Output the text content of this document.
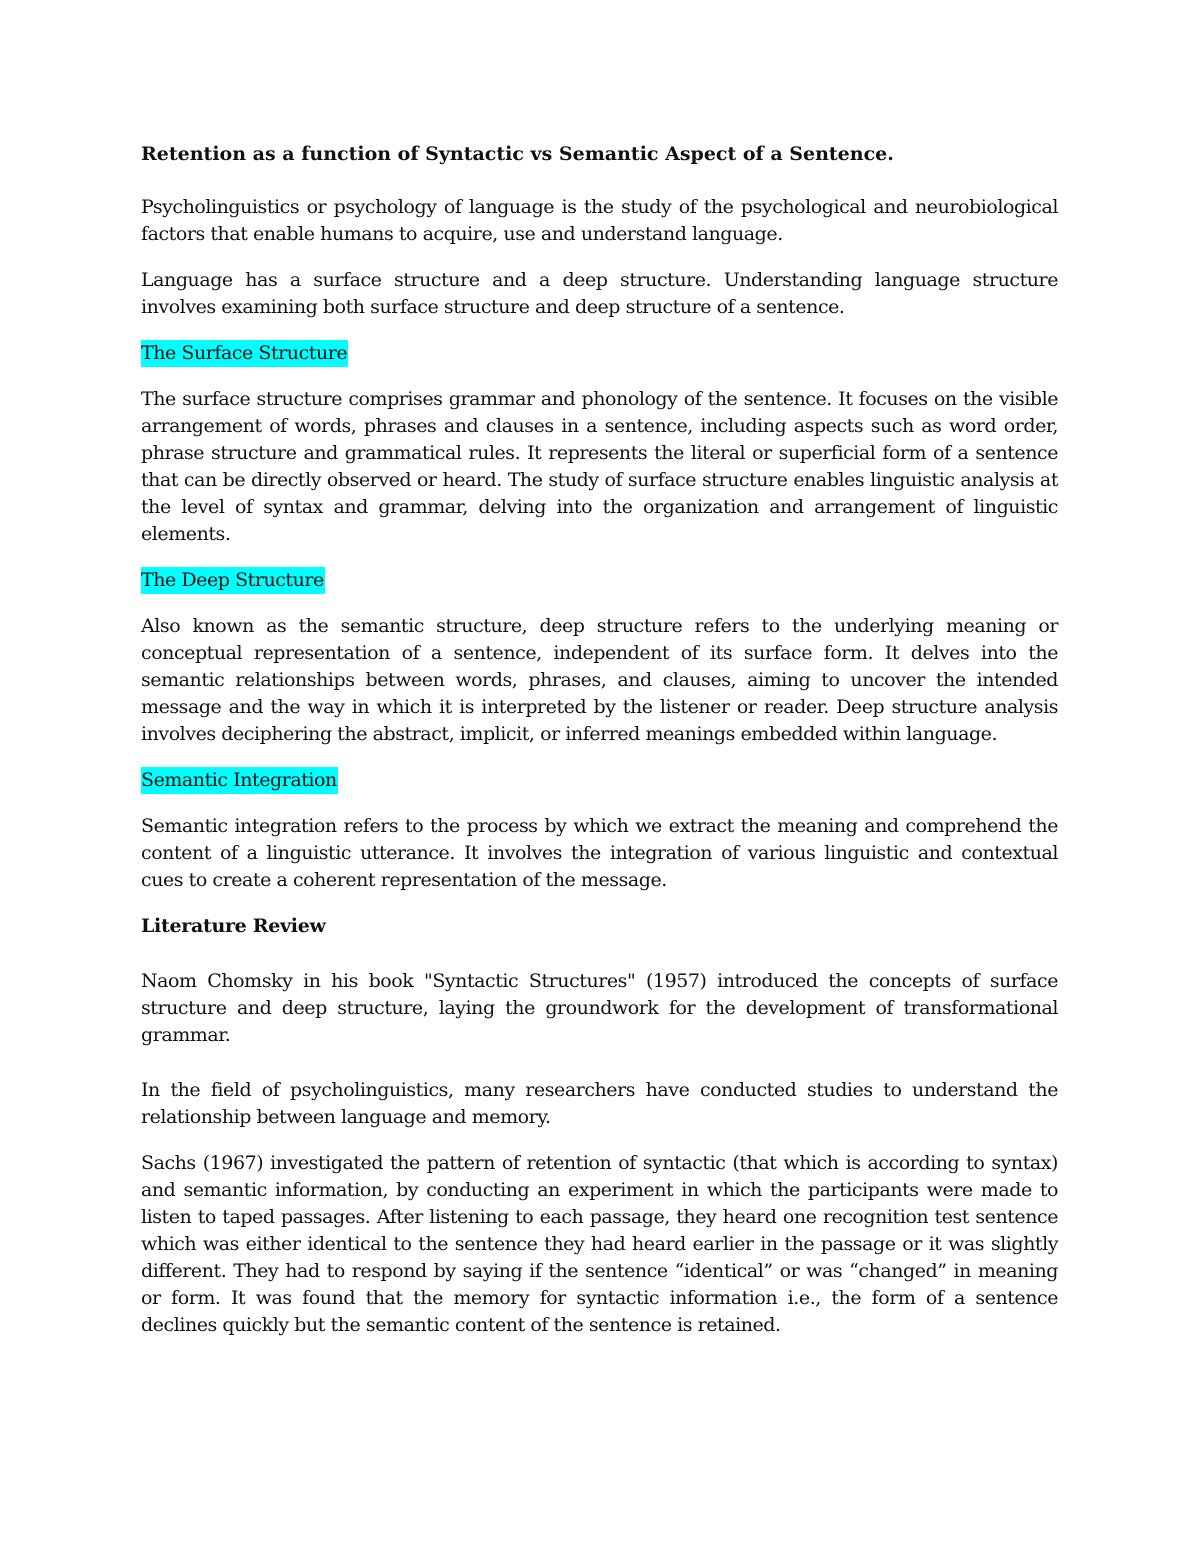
Retention as a function of Syntactic vs Semantic Aspect of a Sentence.

Psycholinguistics or psychology of language is the study of the psychological and neurobiological factors that enable humans to acquire, use and understand language.

Language has a surface structure and a deep structure. Understanding language structure involves examining both surface structure and deep structure of a sentence.

The Surface Structure

The surface structure comprises grammar and phonology of the sentence. It focuses on the visible arrangement of words, phrases and clauses in a sentence, including aspects such as word order, phrase structure and grammatical rules. It represents the literal or superficial form of a sentence that can be directly observed or heard. The study of surface structure enables linguistic analysis at the level of syntax and grammar, delving into the organization and arrangement of linguistic elements.

The Deep Structure

Also known as the semantic structure, deep structure refers to the underlying meaning or conceptual representation of a sentence, independent of its surface form. It delves into the semantic relationships between words, phrases, and clauses, aiming to uncover the intended message and the way in which it is interpreted by the listener or reader. Deep structure analysis involves deciphering the abstract, implicit, or inferred meanings embedded within language.

Semantic Integration

Semantic integration refers to the process by which we extract the meaning and comprehend the content of a linguistic utterance. It involves the integration of various linguistic and contextual cues to create a coherent representation of the message.

Literature Review

Naom Chomsky in his book "Syntactic Structures" (1957) introduced the concepts of surface structure and deep structure, laying the groundwork for the development of transformational grammar.

In the field of psycholinguistics, many researchers have conducted studies to understand the relationship between language and memory.

Sachs (1967) investigated the pattern of retention of syntactic (that which is according to syntax) and semantic information, by conducting an experiment in which the participants were made to listen to taped passages. After listening to each passage, they heard one recognition test sentence which was either identical to the sentence they had heard earlier in the passage or it was slightly different. They had to respond by saying if the sentence “identical” or was “changed” in meaning or form. It was found that the memory for syntactic information i.e., the form of a sentence declines quickly but the semantic content of the sentence is retained.
